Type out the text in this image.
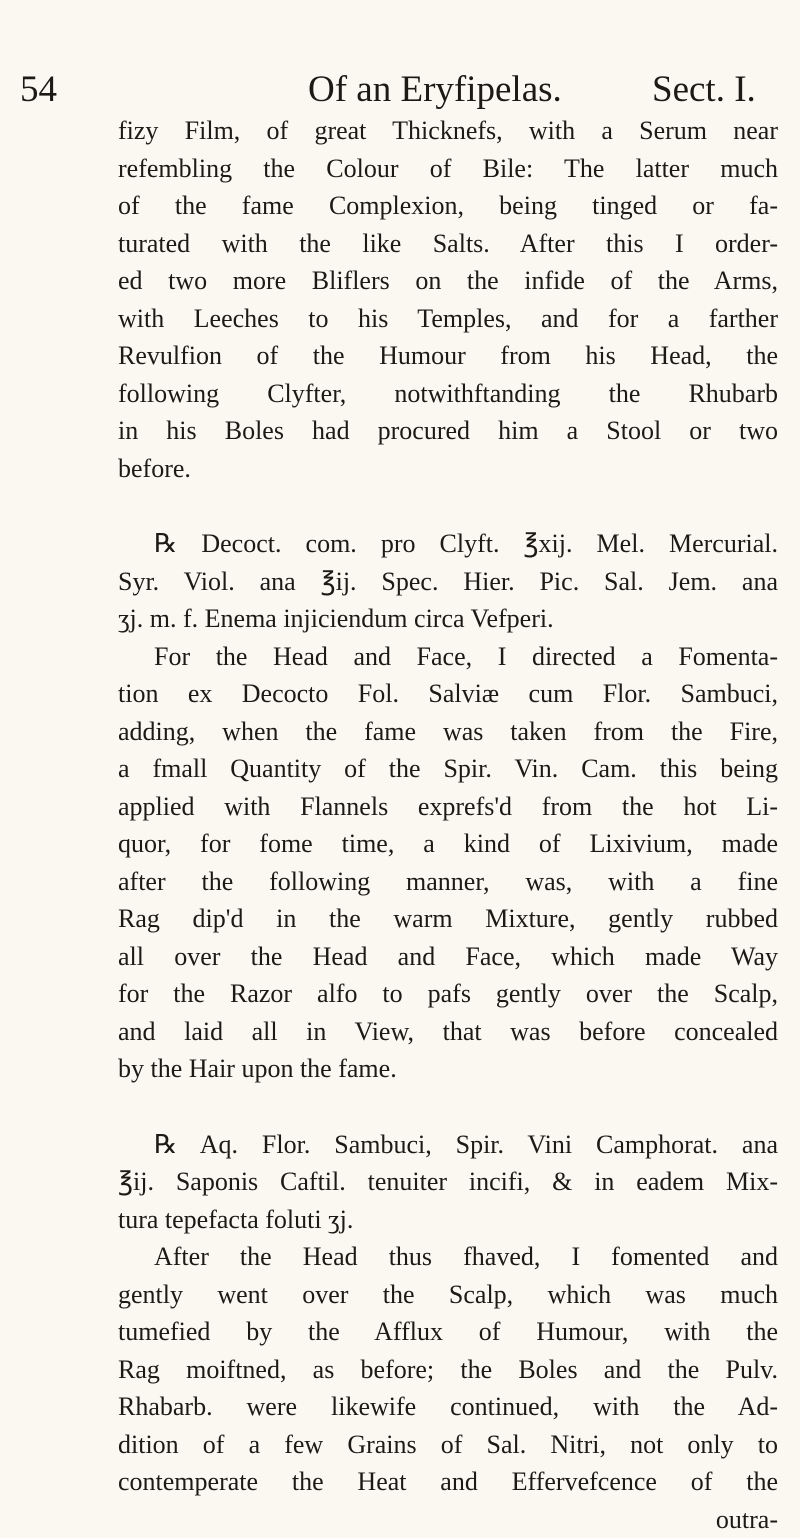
54	Of an Eryfipelas. Sect. I.
fizy Film, of great Thicknefs, with a Serum near
refembling the Colour of Bile: The latter much
of the fame Complexion, being tinged or fa-
turated with the like Salts. After this I order-
ed two more Bliflers on the infide of the Arms,
with Leeches to his Temples, and for a farther
Revulfion of the Humour from his Head, the
following Clyfter, notwithftanding the Rhubarb
in his Boles had procured him a Stool or two
before.
℞ Decoct. com. pro Clyft. ℥xij. Mel. Mercurial.
Syr. Viol. ana ℥ij. Spec. Hier. Pic. Sal. Jem. ana
ʒj. m. f. Enema injiciendum circa Vefperi.
For the Head and Face, I directed a Fomenta-
tion ex Decocto Fol. Salviæ cum Flor. Sambuci,
adding, when the fame was taken from the Fire,
a fmall Quantity of the Spir. Vin. Cam. this being
applied with Flannels exprefs'd from the hot Li-
quor, for fome time, a kind of Lixivium, made
after the following manner, was, with a fine
Rag dip'd in the warm Mixture, gently rubbed
all over the Head and Face, which made Way
for the Razor alfo to pafs gently over the Scalp,
and laid all in View, that was before concealed
by the Hair upon the fame.
℞ Aq. Flor. Sambuci, Spir. Vini Camphorat. ana
℥ij. Saponis Caftil. tenuiter incifi, & in eadem Mix-
tura tepefacta foluti ʒj.
After the Head thus fhaved, I fomented and
gently went over the Scalp, which was much
tumefied by the Afflux of Humour, with the
Rag moiftned, as before; the Boles and the Pulv.
Rhabarb. were likewife continued, with the Ad-
dition of a few Grains of Sal. Nitri, not only to
contemperate the Heat and Effervefcence of the
outra-
